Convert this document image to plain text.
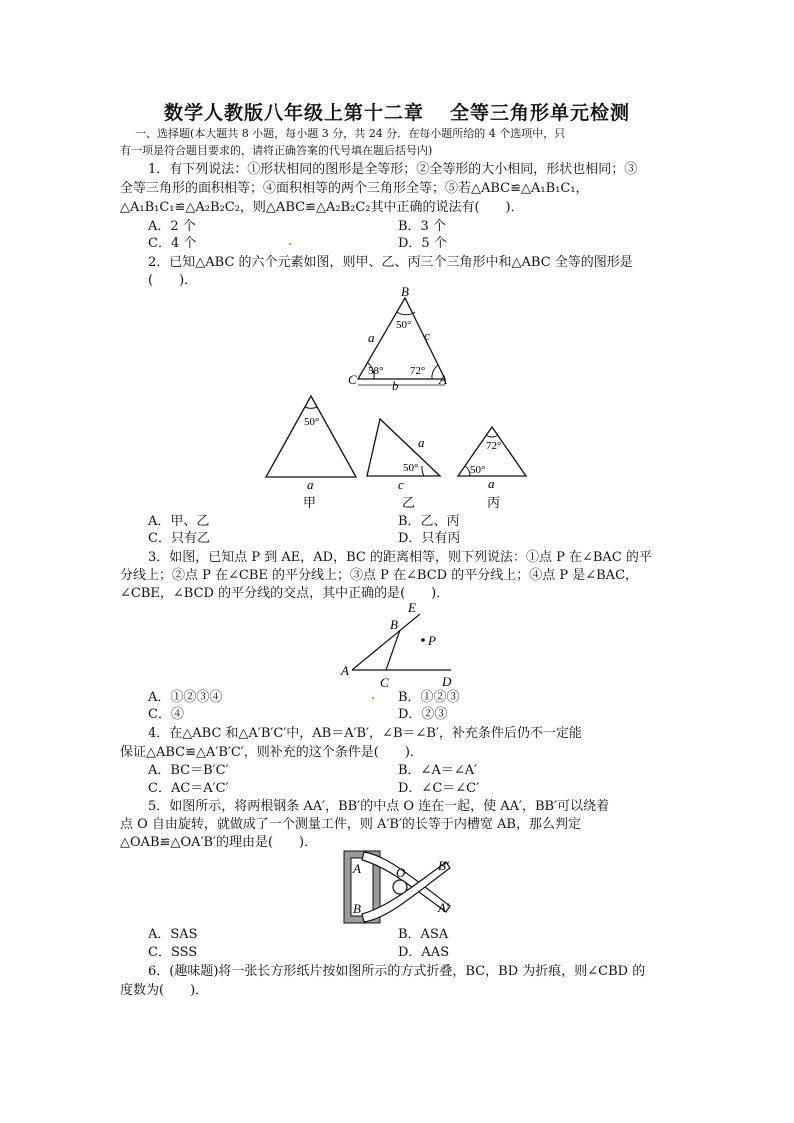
数学人教版八年级上第十二章 全等三角形单元检测
一、选择题(本大题共 8 小题，每小题 3 分，共 24 分．在每小题所给的 4 个选项中，只
有一项是符合题目要求的，请将正确答案的代号填在题后括号内)
1．有下列说法：①形状相同的图形是全等形；②全等形的大小相同，形状也相同；③
全等三角形的面积相等；④面积相等的两个三角形全等；⑤若△ABC≌△A₁B₁C₁，
△A₁B₁C₁≌△A₂B₂C₂，则△ABC≌△A₂B₂C₂其中正确的说法有(　　)．
A．2 个	B．3 个
C．4 个	D．5 个
2．已知△ABC 的六个元素如图，则甲、乙、丙三个三角形中和△ABC 全等的图形是
(　　)．
B
C	A
a	c
b
50°
58° 72°
50°
a
甲
a
50°
c
乙
72°
50°
a
丙
A．甲、乙	B．乙、丙
C．只有乙	D．只有丙
3．如图，已知点 P 到 AE，AD，BC 的距离相等，则下列说法：①点 P 在∠BAC 的平
分线上；②点 P 在∠CBE 的平分线上；③点 P 在∠BCD 的平分线上；④点 P 是∠BAC，
∠CBE，∠BCD 的平分线的交点，其中正确的是(　　)．
E
B
P
A
C	D
A．①②③④	B．①②③
C．④	D．②③
4．在△ABC 和△A′B′C′中，AB＝A′B′，∠B＝∠B′，补充条件后仍不一定能
保证△ABC≌△A′B′C′，则补充的这个条件是(　　)．
A．BC＝B′C′	B．∠A＝∠A′
C．AC＝A′C′	D．∠C＝∠C′
5．如图所示，将两根钢条 AA′，BB′的中点 O 连在一起，使 AA′，BB′可以绕着
点 O 自由旋转，就做成了一个测量工件，则 A′B′的长等于内槽宽 AB，那么判定
△OAB≌△OA′B′的理由是(　　)．
A
B
O	B′
A′
A．SAS	B．ASA
C．SSS	D．AAS
6．(趣味题)将一张长方形纸片按如图所示的方式折叠，BC，BD 为折痕，则∠CBD 的
度数为(　　)．
